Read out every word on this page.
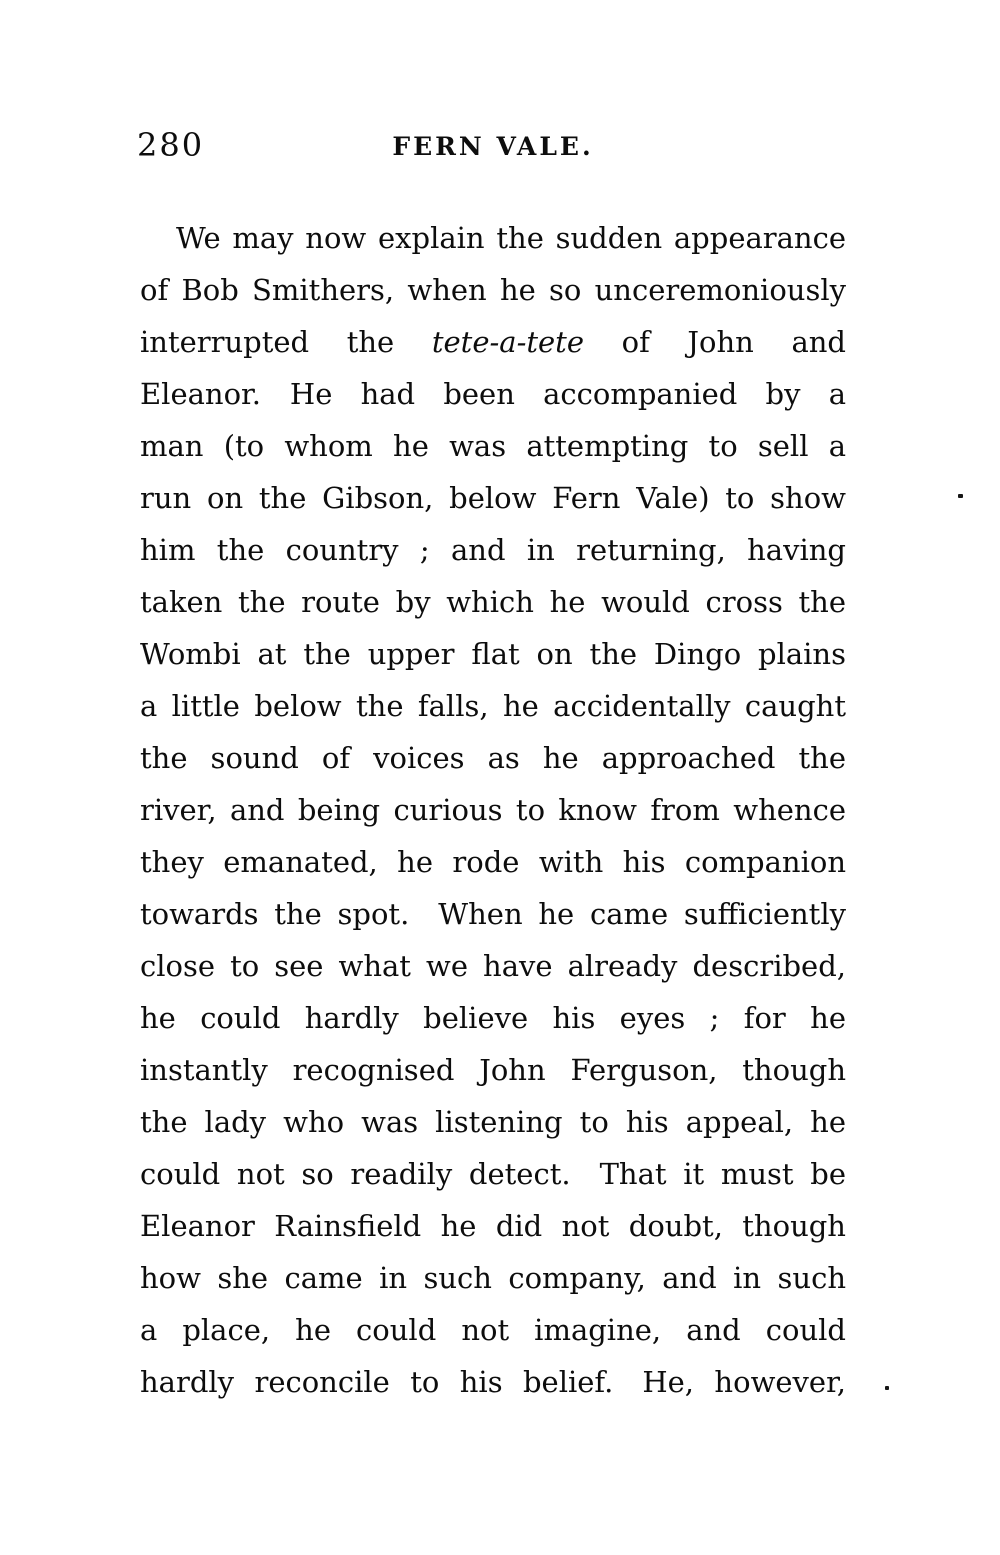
280	FERN VALE.
We may now explain the sudden appearance
of Bob Smithers, when he so unceremoniously
interrupted the tete-a-tete of John and
Eleanor. He had been accompanied by a
man (to whom he was attempting to sell a
run on the Gibson, below Fern Vale) to show
him the country ; and in returning, having
taken the route by which he would cross the
Wombi at the upper flat on the Dingo plains
a little below the falls, he accidentally caught
the sound of voices as he approached the
river, and being curious to know from whence
they emanated, he rode with his companion
towards the spot. When he came sufficiently
close to see what we have already described,
he could hardly believe his eyes ; for he
instantly recognised John Ferguson, though
the lady who was listening to his appeal, he
could not so readily detect. That it must be
Eleanor Rainsfield he did not doubt, though
how she came in such company, and in such
a place, he could not imagine, and could
hardly reconcile to his belief. He, however,
